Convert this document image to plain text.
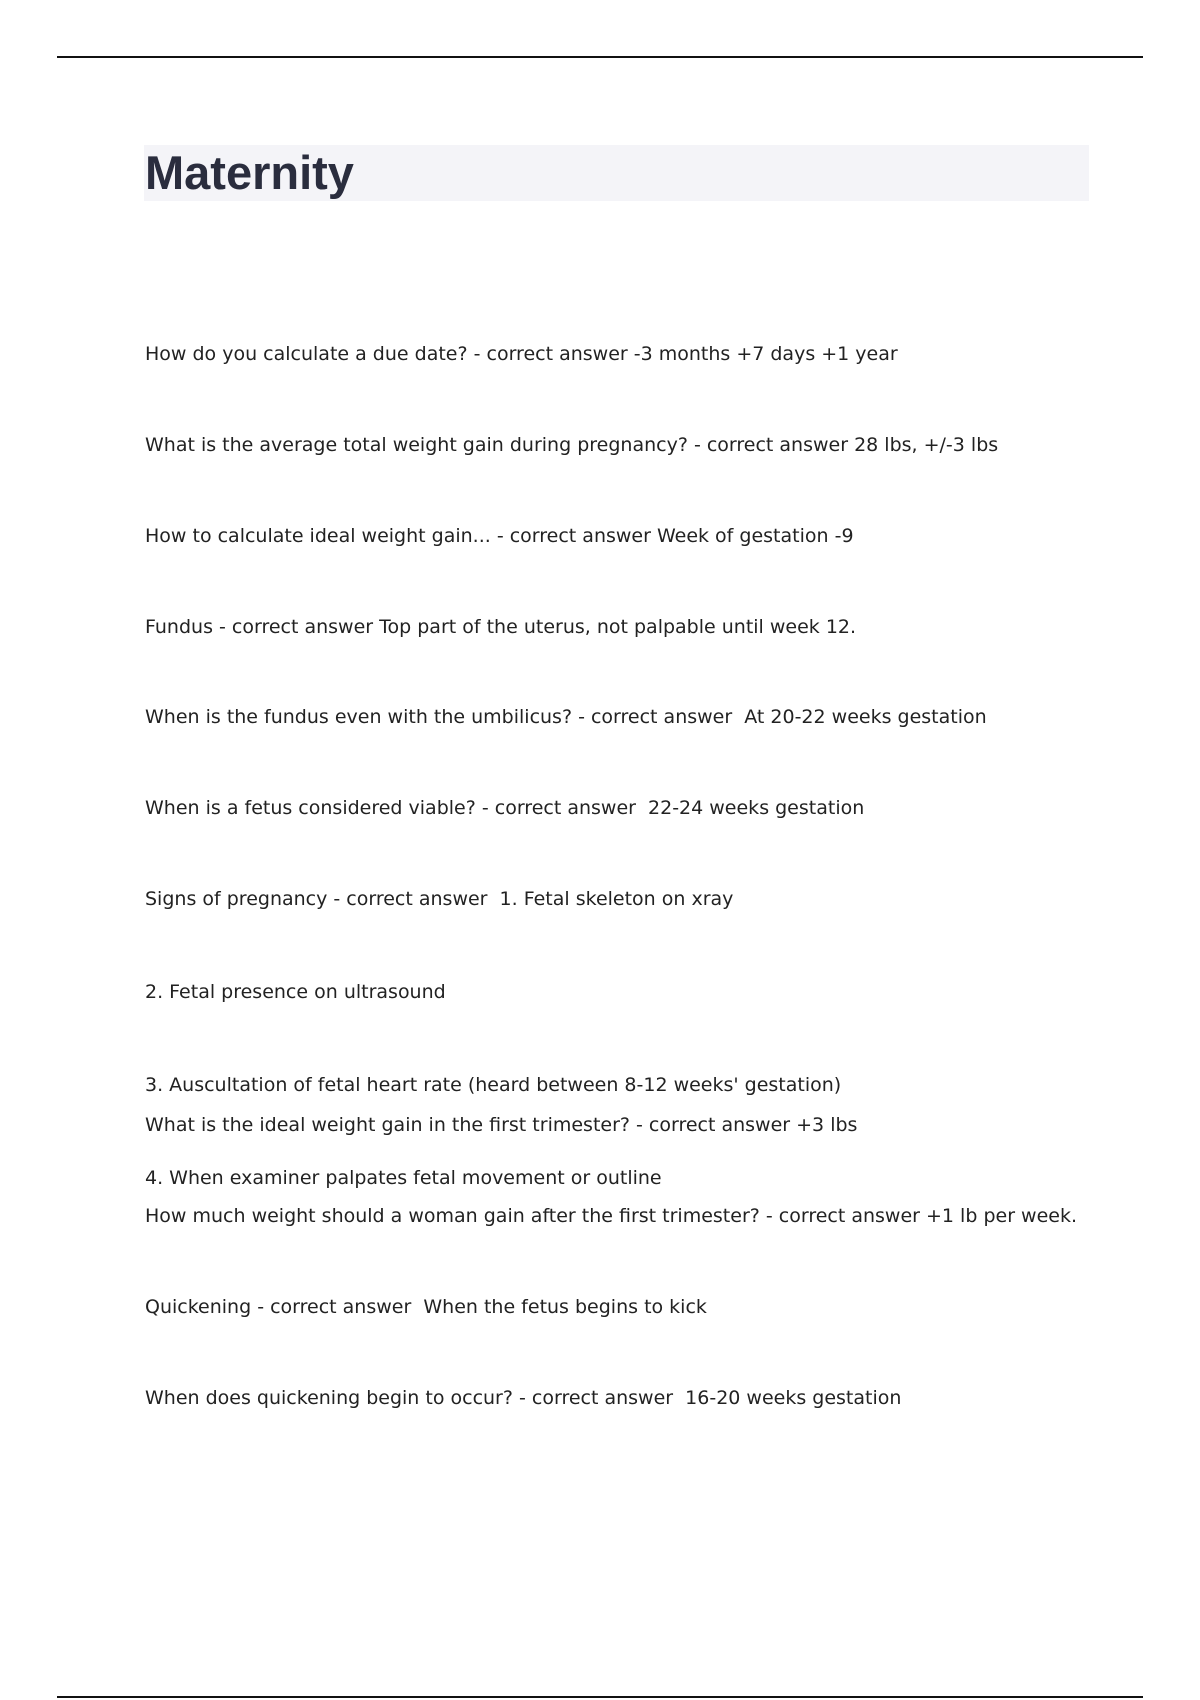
Maternity

How do you calculate a due date? - correct answer -3 months +7 days +1 year

What is the average total weight gain during pregnancy? - correct answer 28 lbs, +/-3 lbs

How to calculate ideal weight gain... - correct answer Week of gestation -9

Fundus - correct answer Top part of the uterus, not palpable until week 12.

When is the fundus even with the umbilicus? - correct answer  At 20-22 weeks gestation

When is a fetus considered viable? - correct answer  22-24 weeks gestation

Signs of pregnancy - correct answer  1. Fetal skeleton on xray

2. Fetal presence on ultrasound

3. Auscultation of fetal heart rate (heard between 8-12 weeks' gestation)

4. When examiner palpates fetal movement or outline

What is the ideal weight gain in the first trimester? - correct answer +3 lbs

How much weight should a woman gain after the first trimester? - correct answer +1 lb per week.

Quickening - correct answer  When the fetus begins to kick

When does quickening begin to occur? - correct answer  16-20 weeks gestation
